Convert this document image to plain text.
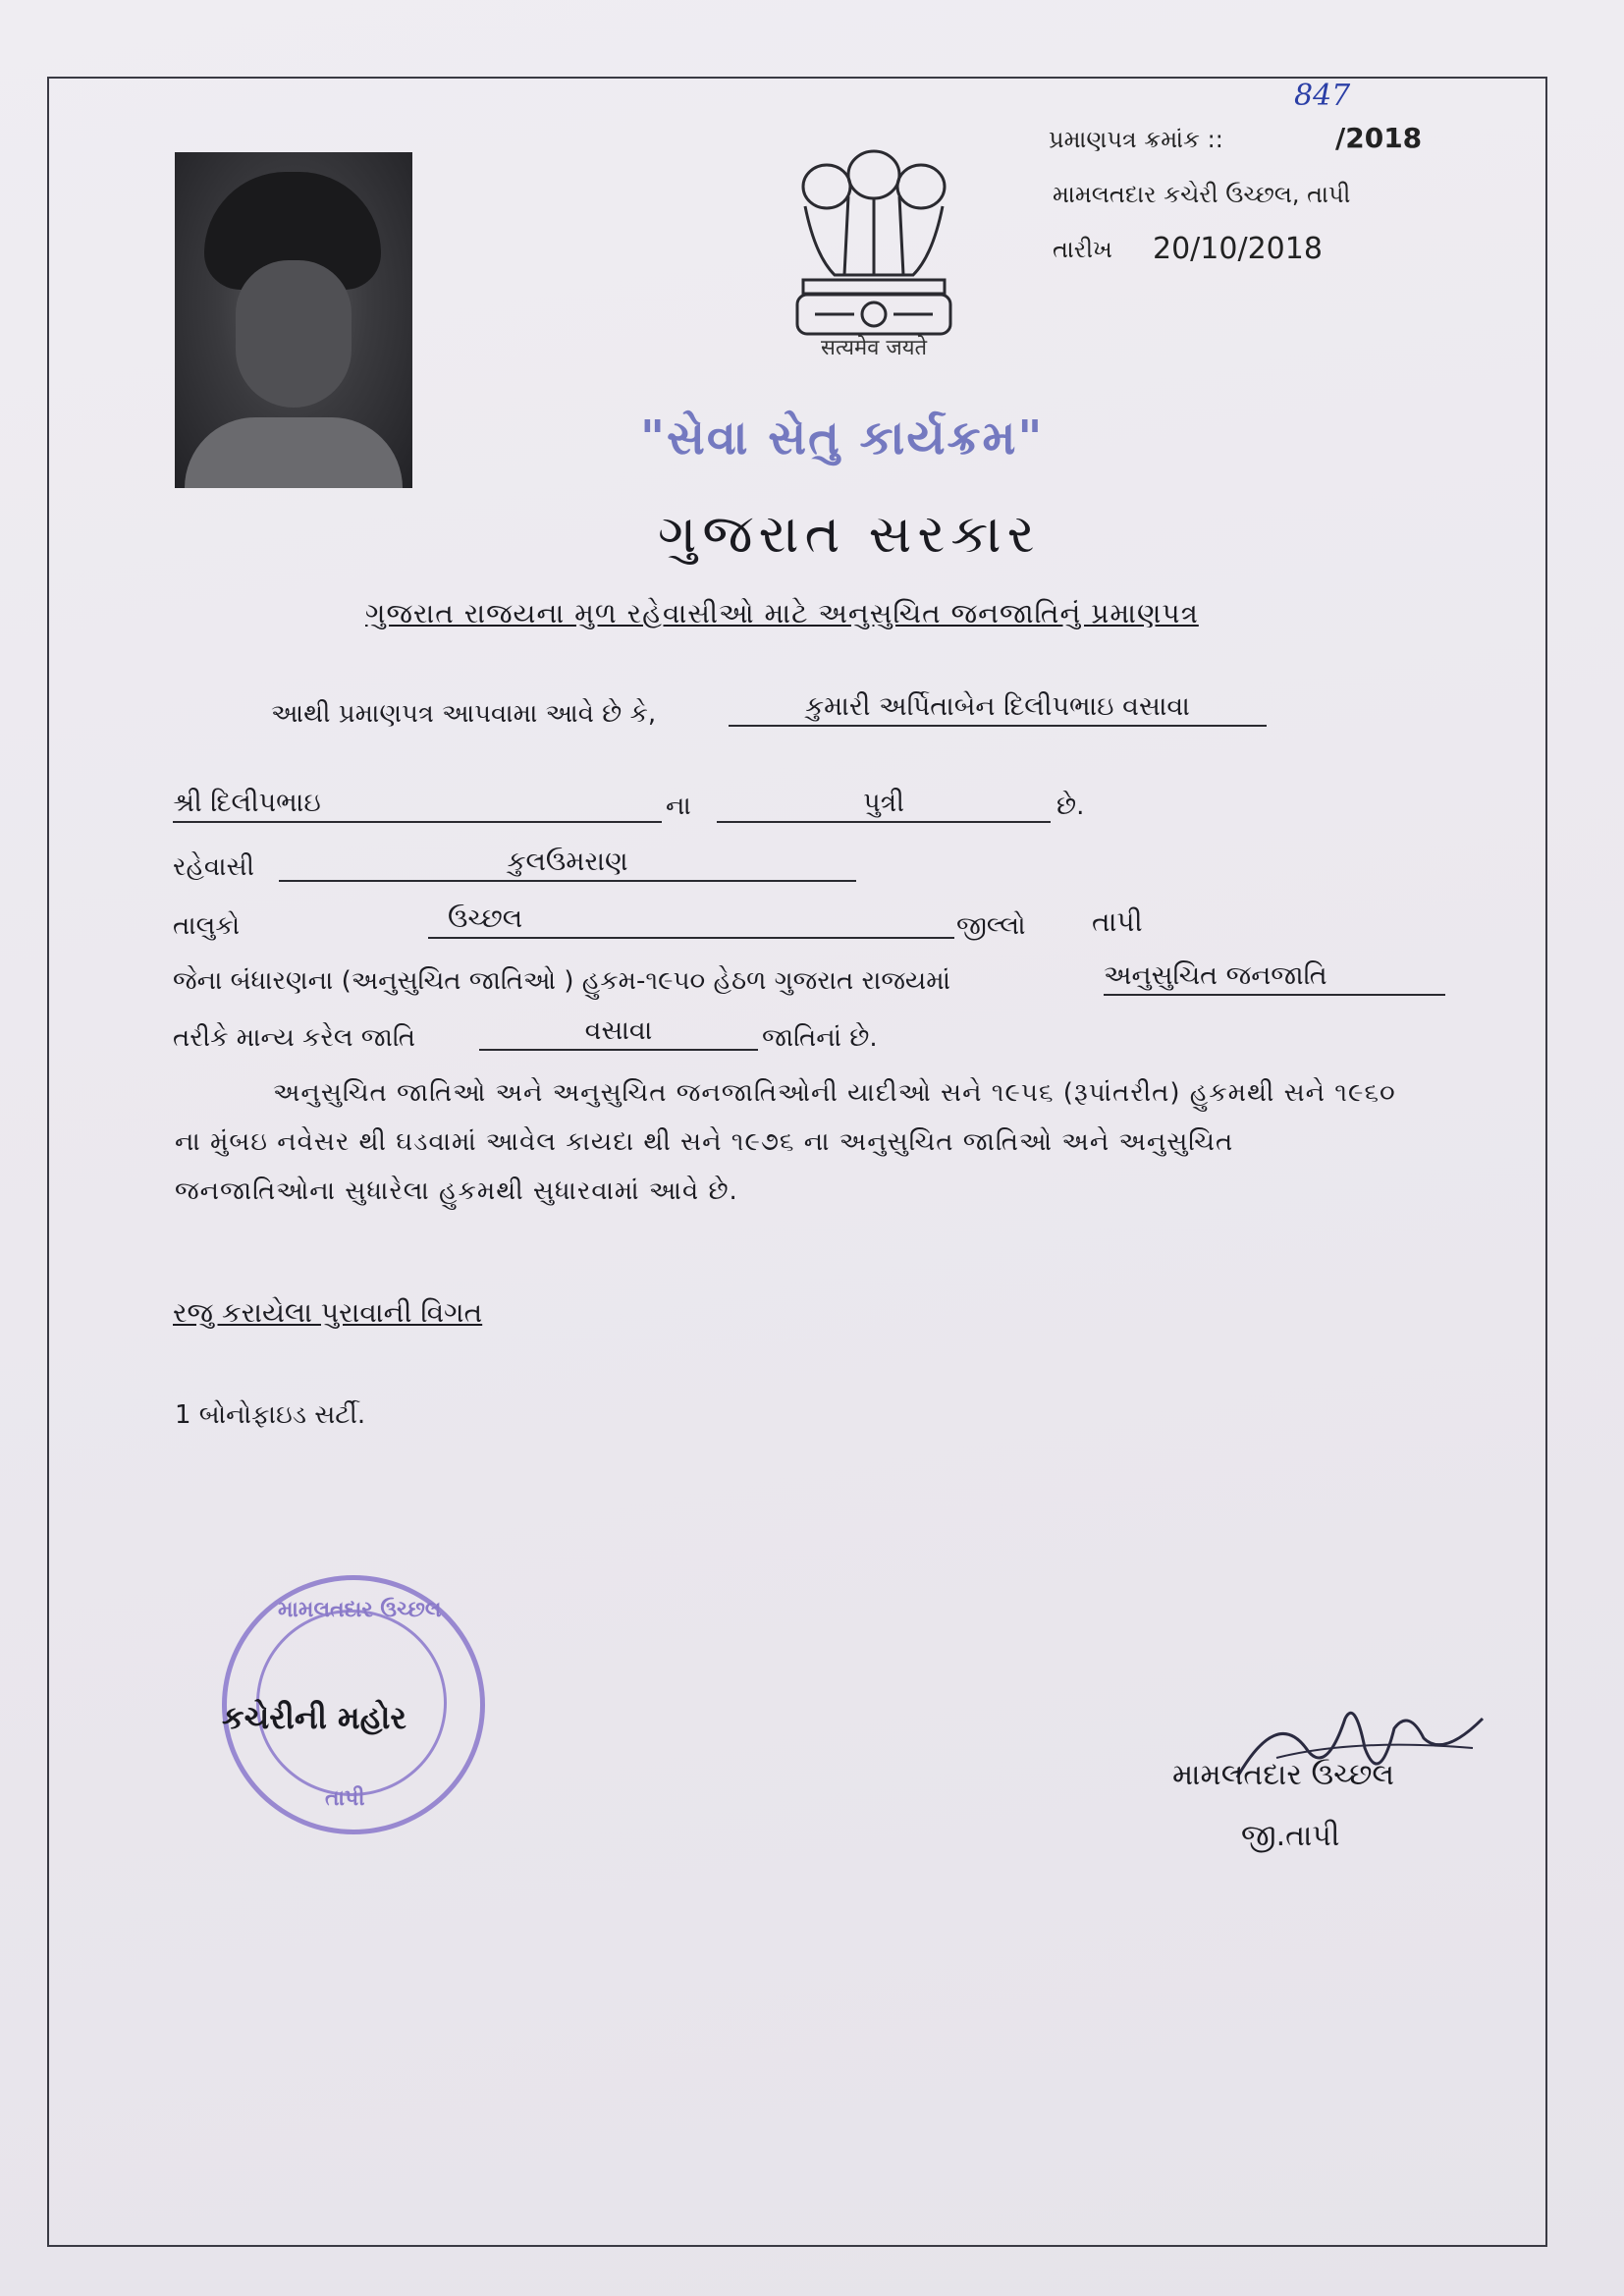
सत्यमेव जयते
847
પ્રમાણપત્ર ક્રમાંક ::	/2018
મામલતદાર કચેરી ઉચ્છલ, તાપી
તારીખ 20/10/2018
"સેવા સેતુ કાર્યક્રમ"
ગુજરાત સરકાર
ગુજરાત રાજયના મુળ રહેવાસીઓ માટે અનુસુચિત જનજાતિનું પ્રમાણપત્ર
આથી પ્રમાણપત્ર આપવામા આવે છે કે,	કુમારી અર્પિતાબેન દિલીપભાઇ વસાવા
શ્રી દિલીપભાઇ	ના	પુત્રી	છે.
રહેવાસી	કુલઉમરાણ
તાલુકો	ઉચ્છલ	જીલ્લો તાપી
જેના બંધારણના (અનુસુચિત જાતિઓ ) હુકમ-૧૯૫૦ હેઠળ ગુજરાત રાજયમાં	અનુસુચિત જનજાતિ
તરીકે માન્ય કરેલ જાતિ	વસાવા	જાતિનાં છે.
અનુસુચિત જાતિઓ અને અનુસુચિત જનજાતિઓની યાદીઓ સને ૧૯૫૬ (રૂપાંતરીત) હુકમથી સને ૧૯૬૦
ના મુંબઇ નવેસર થી ઘડવામાં આવેલ કાયદા થી સને ૧૯૭૬ ના અનુસુચિત જાતિઓ અને અનુસુચિત
જનજાતિઓના સુધારેલા હુકમથી સુધારવામાં આવે છે.
રજુ કરાયેલા પુરાવાની વિગત
1 બોનોફાઇડ સર્ટી.
મામલતદાર ઉચ્છલ
તાપી
કચેરીની મહોર
મામલતદાર ઉચ્છલ
જી.તાપી
